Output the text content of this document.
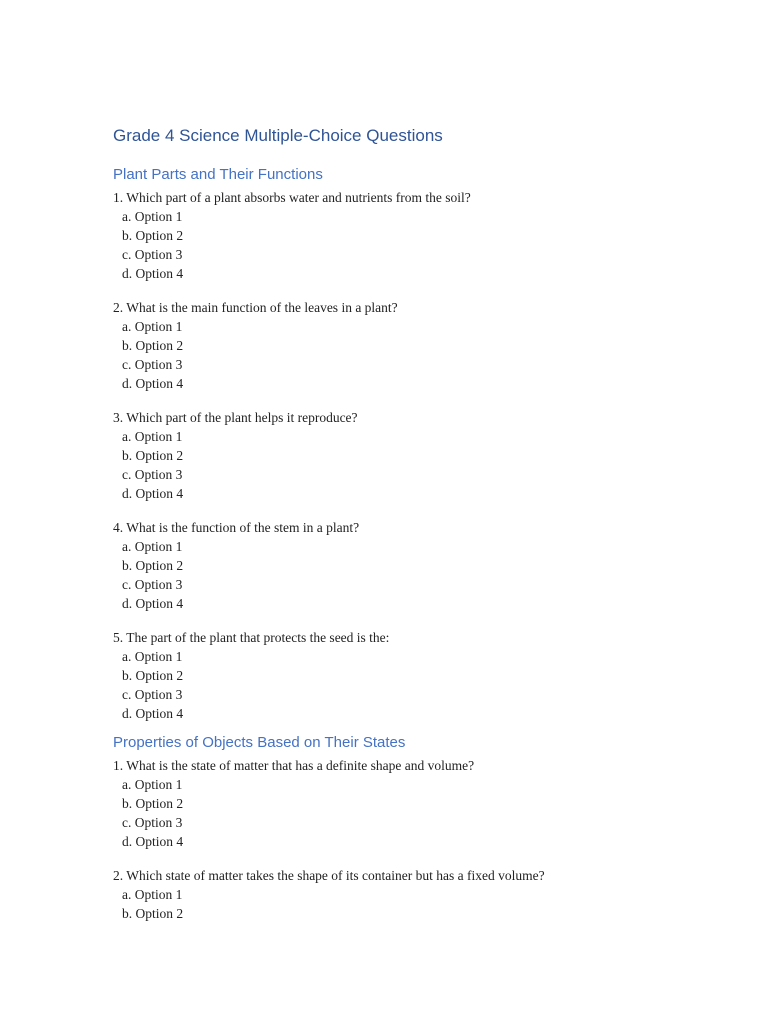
Grade 4 Science Multiple-Choice Questions
Plant Parts and Their Functions

1. Which part of a plant absorbs water and nutrients from the soil?

a. Option 1
b. Option 2
c. Option 3
d. Option 4

2. What is the main function of the leaves in a plant?

a. Option 1
b. Option 2
c. Option 3
d. Option 4

3. Which part of the plant helps it reproduce?

a. Option 1
b. Option 2
c. Option 3
d. Option 4

4. What is the function of the stem in a plant?

a. Option 1
b. Option 2
c. Option 3
d. Option 4

5. The part of the plant that protects the seed is the:

a. Option 1
b. Option 2
c. Option 3
d. Option 4
Properties of Objects Based on Their States

1. What is the state of matter that has a definite shape and volume?

a. Option 1
b. Option 2
c. Option 3
d. Option 4

2. Which state of matter takes the shape of its container but has a fixed volume?

a. Option 1
b. Option 2
